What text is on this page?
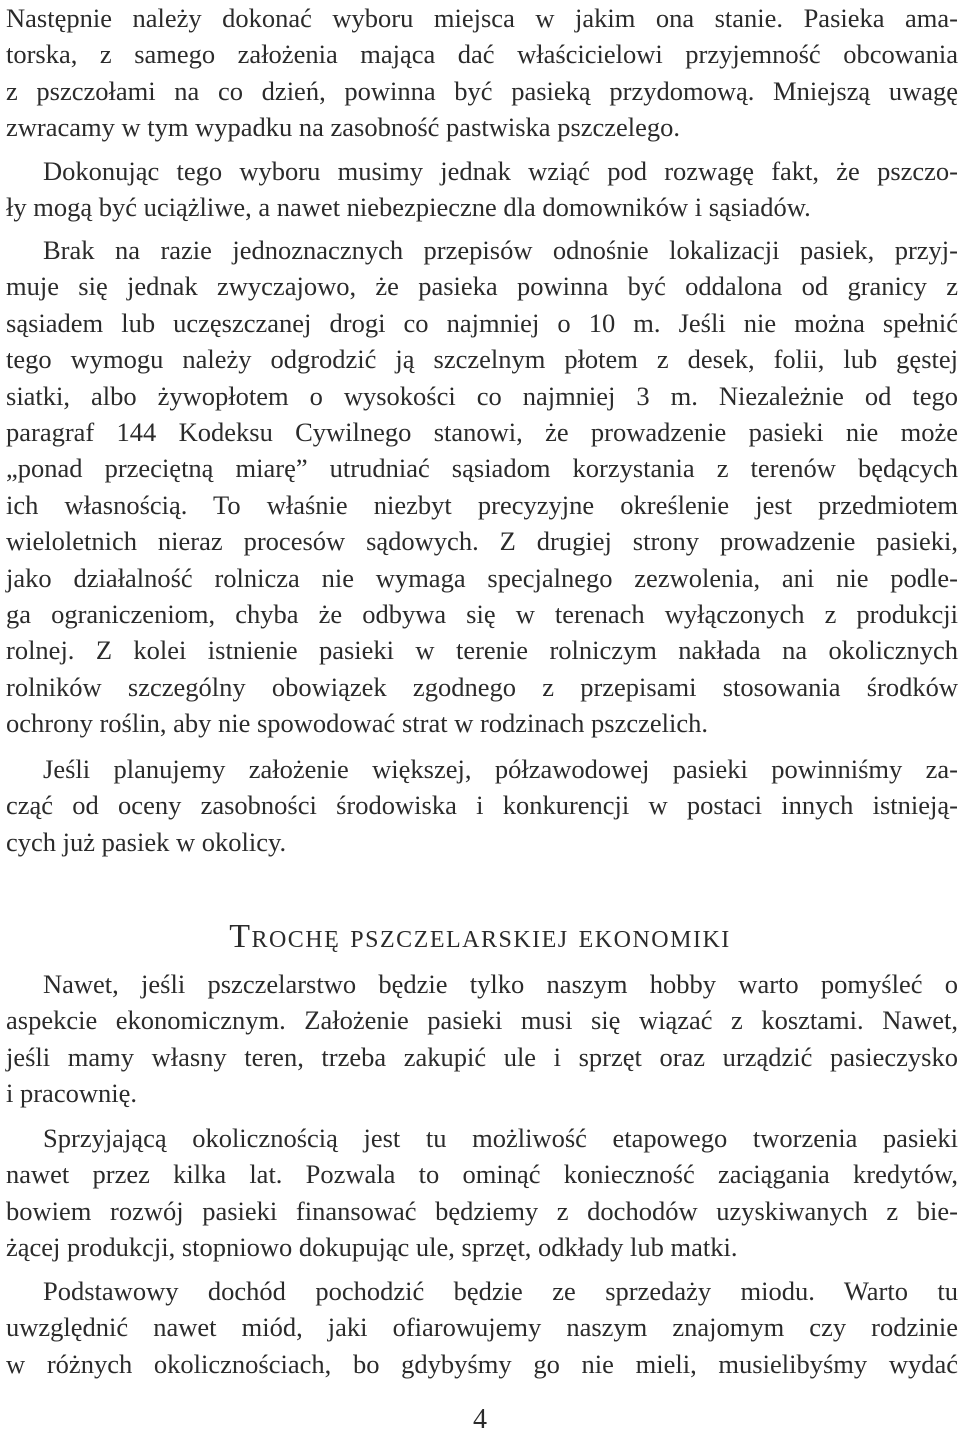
Następnie należy dokonać wyboru miejsca w jakim ona stanie. Pasieka ama-
torska, z samego założenia mająca dać właścicielowi przyjemność obcowania
z pszczołami na co dzień, powinna być pasieką przydomową. Mniejszą uwagę
zwracamy w tym wypadku na zasobność pastwiska pszczelego.
Dokonując tego wyboru musimy jednak wziąć pod rozwagę fakt, że pszczo-
ły mogą być uciążliwe, a nawet niebezpieczne dla domowników i sąsiadów.
Brak na razie jednoznacznych przepisów odnośnie lokalizacji pasiek, przyj-
muje się jednak zwyczajowo, że pasieka powinna być oddalona od granicy z
sąsiadem lub uczęszczanej drogi co najmniej o 10 m. Jeśli nie można spełnić
tego wymogu należy odgrodzić ją szczelnym płotem z desek, folii, lub gęstej
siatki, albo żywopłotem o wysokości co najmniej 3 m. Niezależnie od tego
paragraf 144 Kodeksu Cywilnego stanowi, że prowadzenie pasieki nie może
„ponad przeciętną miarę” utrudniać sąsiadom korzystania z terenów będących
ich własnością. To właśnie niezbyt precyzyjne określenie jest przedmiotem
wieloletnich nieraz procesów sądowych. Z drugiej strony prowadzenie pasieki,
jako działalność rolnicza nie wymaga specjalnego zezwolenia, ani nie podle-
ga ograniczeniom, chyba że odbywa się w terenach wyłączonych z produkcji
rolnej. Z kolei istnienie pasieki w terenie rolniczym nakłada na okolicznych
rolników szczególny obowiązek zgodnego z przepisami stosowania środków
ochrony roślin, aby nie spowodować strat w rodzinach pszczelich.
Jeśli planujemy założenie większej, półzawodowej pasieki powinniśmy za-
cząć od oceny zasobności środowiska i konkurencji w postaci innych istnieją-
cych już pasiek w okolicy.
Trochę pszczelarskiej ekonomiki
Nawet, jeśli pszczelarstwo będzie tylko naszym hobby warto pomyśleć o
aspekcie ekonomicznym. Założenie pasieki musi się wiązać z kosztami. Nawet,
jeśli mamy własny teren, trzeba zakupić ule i sprzęt oraz urządzić pasieczysko
i pracownię.
Sprzyjającą okolicznością jest tu możliwość etapowego tworzenia pasieki
nawet przez kilka lat. Pozwala to ominąć konieczność zaciągania kredytów,
bowiem rozwój pasieki finansować będziemy z dochodów uzyskiwanych z bie-
żącej produkcji, stopniowo dokupując ule, sprzęt, odkłady lub matki.
Podstawowy dochód pochodzić będzie ze sprzedaży miodu. Warto tu
uwzględnić nawet miód, jaki ofiarowujemy naszym znajomym czy rodzinie
w różnych okolicznościach, bo gdybyśmy go nie mieli, musielibyśmy wydać
4
